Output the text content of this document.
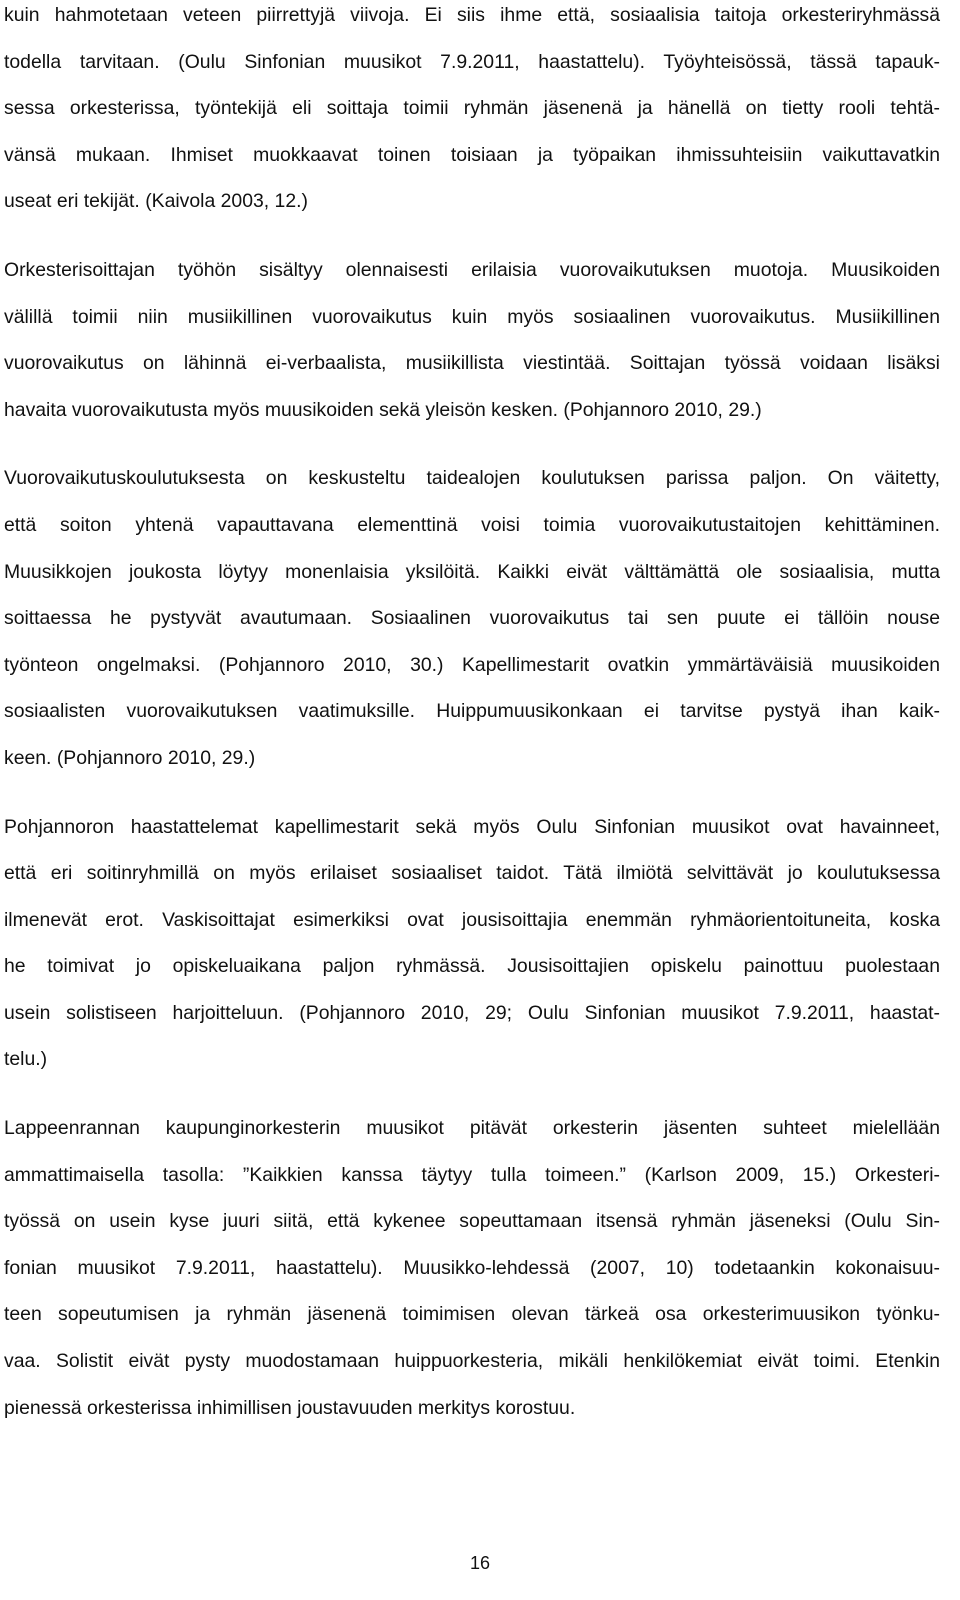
kuin hahmotetaan veteen piirrettyjä viivoja. Ei siis ihme että, sosiaalisia taitoja orkesteriryhmässä
todella tarvitaan. (Oulu Sinfonian muusikot 7.9.2011, haastattelu). Työyhteisössä, tässä tapauk-
sessa orkesterissa, työntekijä eli soittaja toimii ryhmän jäsenenä ja hänellä on tietty rooli tehtä-
vänsä mukaan. Ihmiset muokkaavat toinen toisiaan ja työpaikan ihmissuhteisiin vaikuttavatkin
useat eri tekijät. (Kaivola 2003, 12.)
Orkesterisoittajan työhön sisältyy olennaisesti erilaisia vuorovaikutuksen muotoja. Muusikoiden
välillä toimii niin musiikillinen vuorovaikutus kuin myös sosiaalinen vuorovaikutus. Musiikillinen
vuorovaikutus on lähinnä ei-verbaalista, musiikillista viestintää. Soittajan työssä voidaan lisäksi
havaita vuorovaikutusta myös muusikoiden sekä yleisön kesken. (Pohjannoro 2010, 29.)
Vuorovaikutuskoulutuksesta on keskusteltu taidealojen koulutuksen parissa paljon. On väitetty,
että soiton yhtenä vapauttavana elementtinä voisi toimia vuorovaikutustaitojen kehittäminen.
Muusikkojen joukosta löytyy monenlaisia yksilöitä. Kaikki eivät välttämättä ole sosiaalisia, mutta
soittaessa he pystyvät avautumaan. Sosiaalinen vuorovaikutus tai sen puute ei tällöin nouse
työnteon ongelmaksi. (Pohjannoro 2010, 30.) Kapellimestarit ovatkin ymmärtäväisiä muusikoiden
sosiaalisten vuorovaikutuksen vaatimuksille. Huippumuusikonkaan ei tarvitse pystyä ihan kaik-
keen. (Pohjannoro 2010, 29.)
Pohjannoron haastattelemat kapellimestarit sekä myös Oulu Sinfonian muusikot ovat havainneet,
että eri soitinryhmillä on myös erilaiset sosiaaliset taidot. Tätä ilmiötä selvittävät jo koulutuksessa
ilmenevät erot. Vaskisoittajat esimerkiksi ovat jousisoittajia enemmän ryhmäorientoituneita, koska
he toimivat jo opiskeluaikana paljon ryhmässä. Jousisoittajien opiskelu painottuu puolestaan
usein solistiseen harjoitteluun. (Pohjannoro 2010, 29; Oulu Sinfonian muusikot 7.9.2011, haastat-
telu.)
Lappeenrannan kaupunginorkesterin muusikot pitävät orkesterin jäsenten suhteet mielellään
ammattimaisella tasolla: ”Kaikkien kanssa täytyy tulla toimeen.” (Karlson 2009, 15.) Orkesteri-
työssä on usein kyse juuri siitä, että kykenee sopeuttamaan itsensä ryhmän jäseneksi (Oulu Sin-
fonian muusikot 7.9.2011, haastattelu). Muusikko-lehdessä (2007, 10) todetaankin kokonaisuu-
teen sopeutumisen ja ryhmän jäsenenä toimimisen olevan tärkeä osa orkesterimuusikon työnku-
vaa. Solistit eivät pysty muodostamaan huippuorkesteria, mikäli henkilökemiat eivät toimi. Etenkin
pienessä orkesterissa inhimillisen joustavuuden merkitys korostuu.
16
